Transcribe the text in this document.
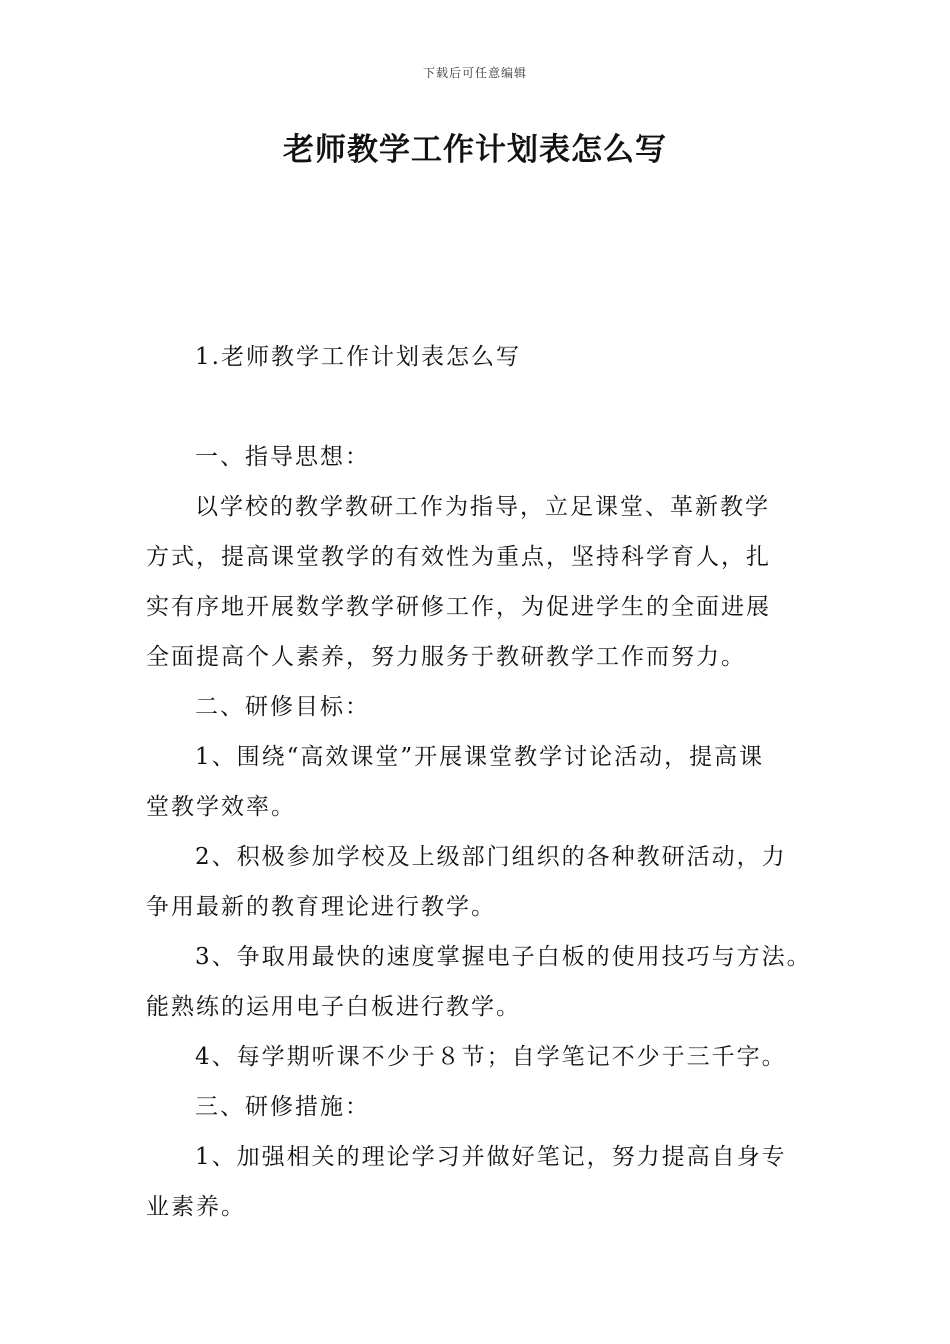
下载后可任意编辑
老师教学工作计划表怎么写
1.老师教学工作计划表怎么写
一、指导思想：
以学校的教学教研工作为指导，立足课堂、革新教学
方式，提高课堂教学的有效性为重点，坚持科学育人，扎
实有序地开展数学教学研修工作，为促进学生的全面进展
全面提高个人素养，努力服务于教研教学工作而努力。
二、研修目标：
1、围绕“高效课堂”开展课堂教学讨论活动，提高课
堂教学效率。
2、积极参加学校及上级部门组织的各种教研活动，力
争用最新的教育理论进行教学。
3、争取用最快的速度掌握电子白板的使用技巧与方法。
能熟练的运用电子白板进行教学。
4、每学期听课不少于８节；自学笔记不少于三千字。
三、研修措施：
1、加强相关的理论学习并做好笔记，努力提高自身专
业素养。
